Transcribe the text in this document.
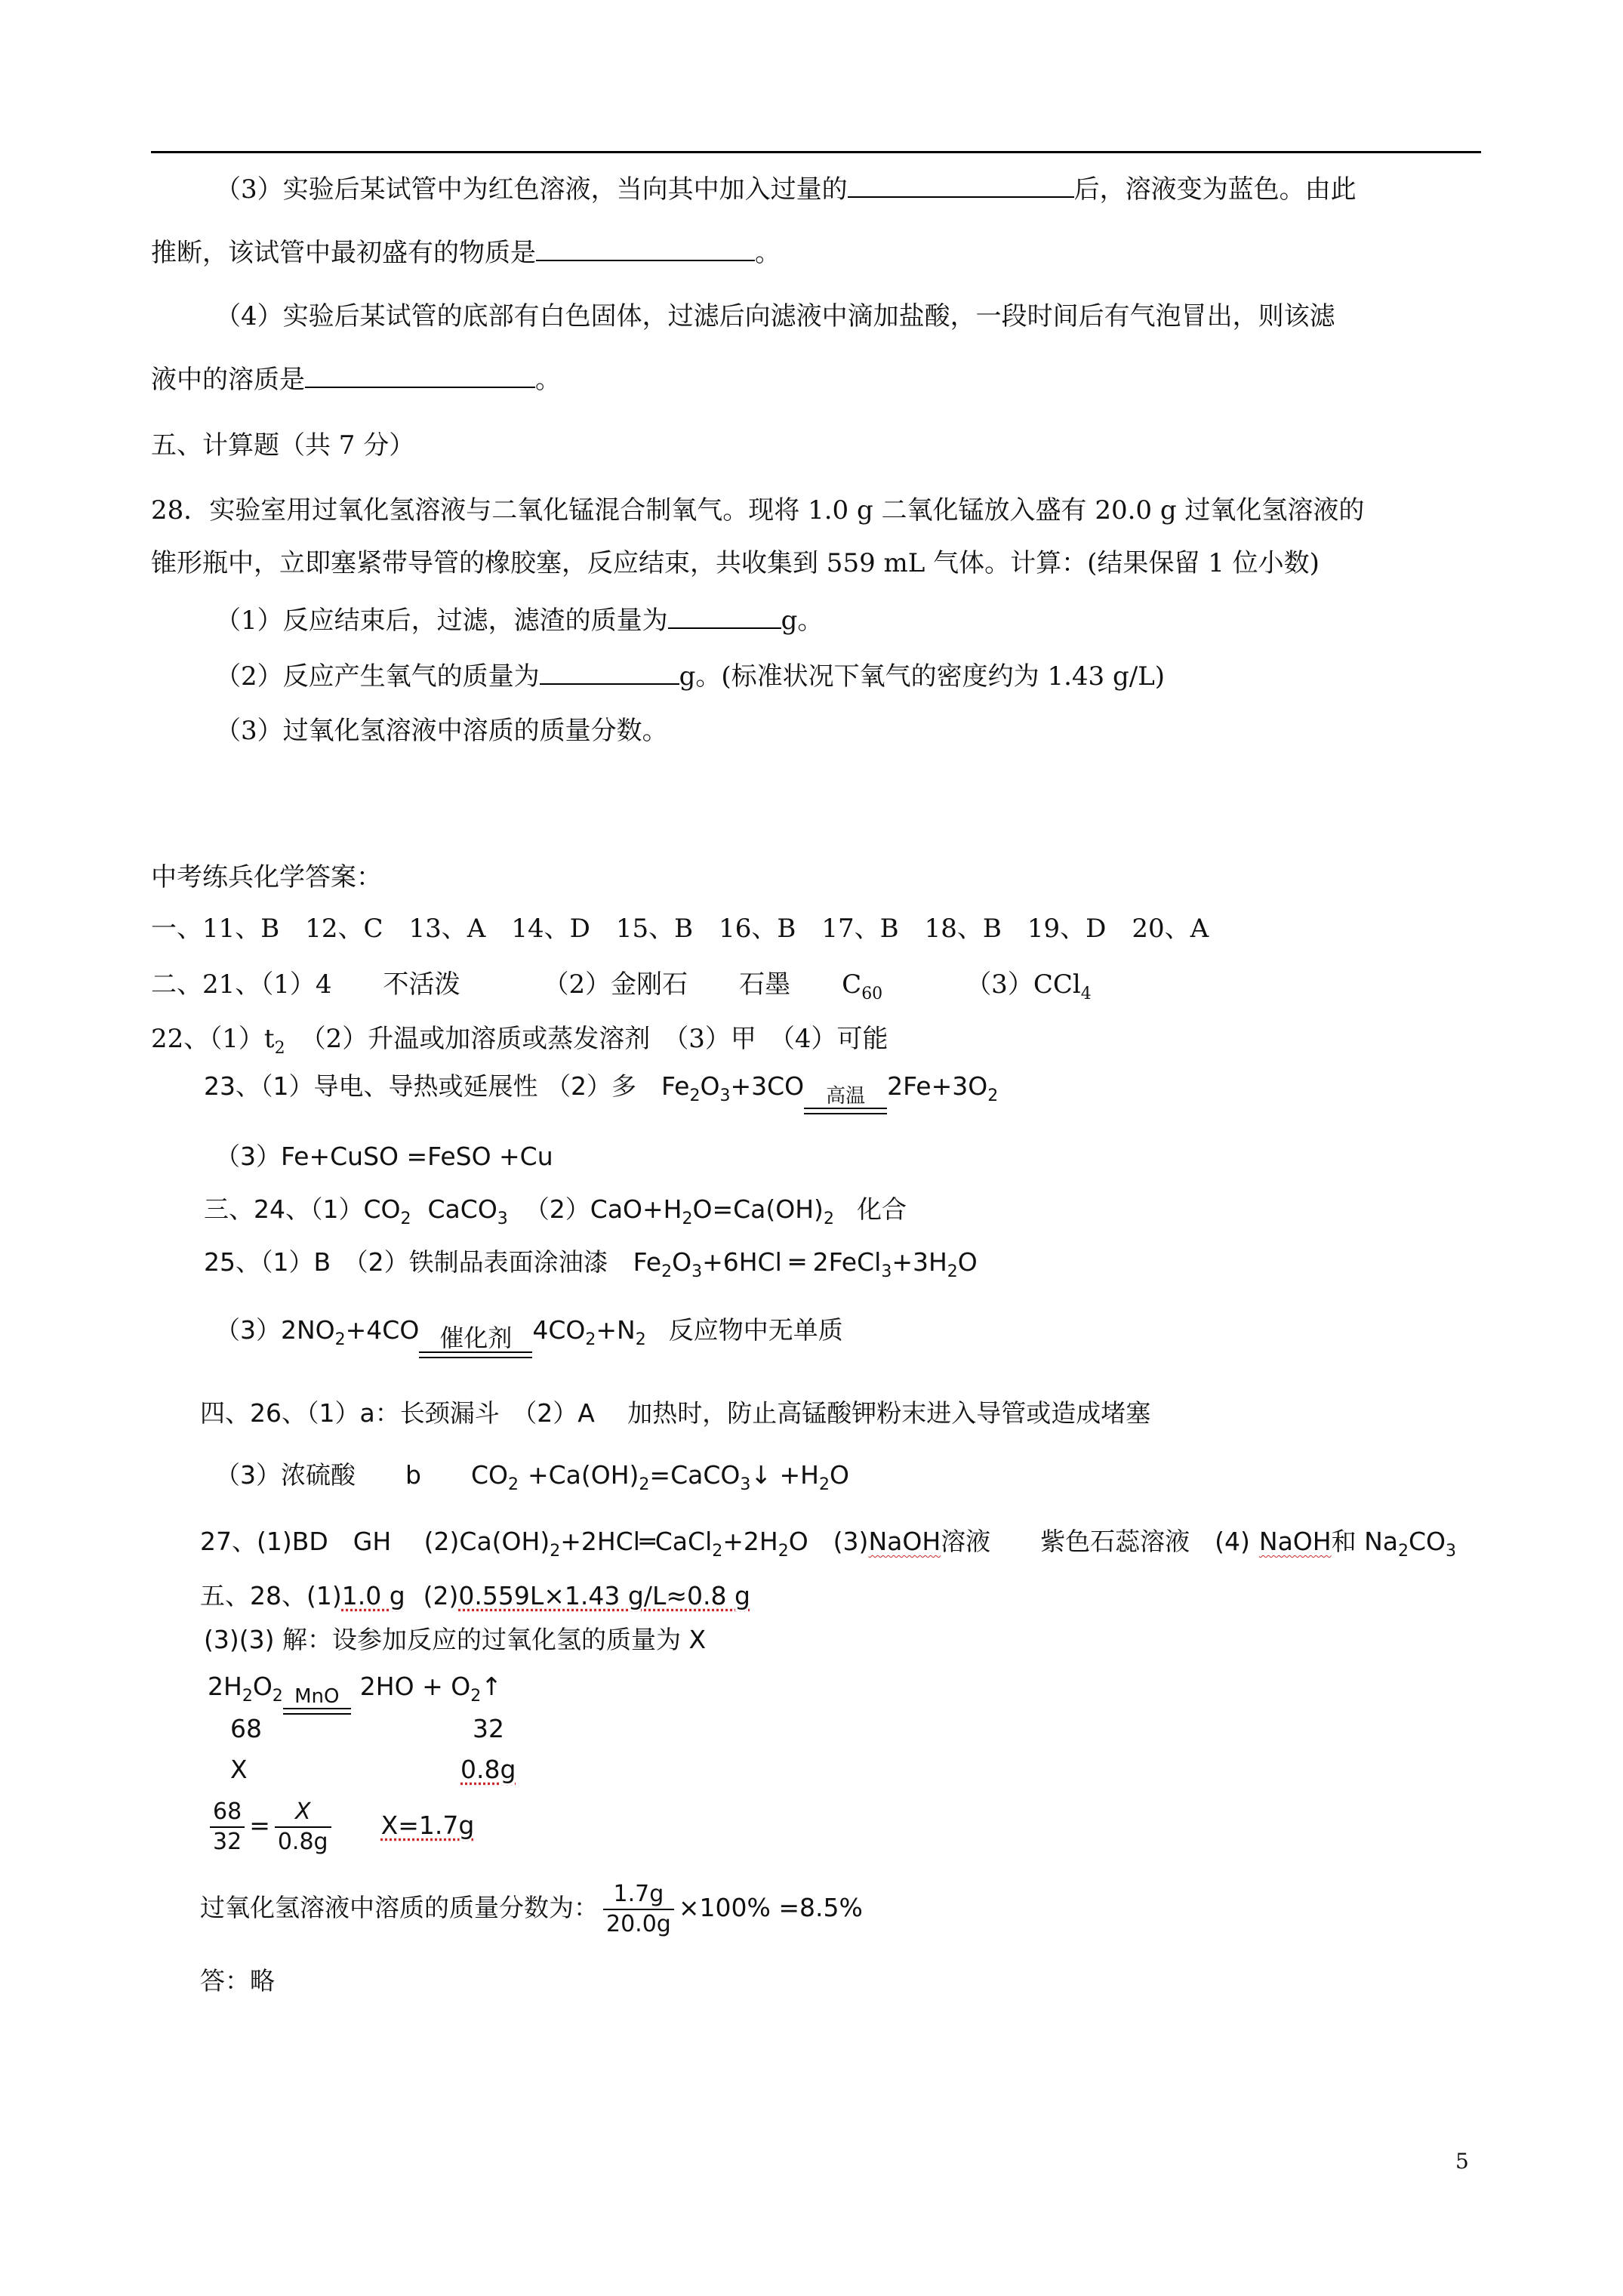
（3）实验后某试管中为红色溶液，当向其中加入过量的	后，溶液变为蓝色。由此
推断，该试管中最初盛有的物质是	。
（4）实验后某试管的底部有白色固体，过滤后向滤液中滴加盐酸，一段时间后有气泡冒出，则该滤
液中的溶质是	。
五、计算题（共 7 分）
28．实验室用过氧化氢溶液与二氧化锰混合制氧气。现将 1.0 g 二氧化锰放入盛有 20.0 g 过氧化氢溶液的
锥形瓶中，立即塞紧带导管的橡胶塞，反应结束，共收集到 559 mL 气体。计算：(结果保留 1 位小数)
（1）反应结束后，过滤，滤渣的质量为	g。
（2）反应产生氧气的质量为	g。(标准状况下氧气的密度约为 1.43 g/L)
（3）过氧化氢溶液中溶质的质量分数。
中考练兵化学答案：
一、11、B　12、C　13、A　14、D　15、B　16、B　17、B　18、B　19、D　20、A
二、21、（1）4　　不活泼	（2）金刚石　　石墨　　$C_{60}$	（3）CCl$_4$
22、$(1)t_2$ （2）升温或加溶质或蒸发溶剂　（3）甲　（4）可能
23、（1）导电、导热或延展性 （2）多　$Fe_2O_3+3CO$	高温 $2Fe+3O_2$
（3）Fe+CuSO =FeSO +Cu
三、24、$(1)CO_2$ CaCO$_3$ $(2)CaO+H_2O=Ca(OH)_2$ 化合
25、（1）B　（2）铁制品表面涂油漆　$Fe_2O_3+6HCl$ ═ $2FeCl_3+3H_2O$
$(3)2NO_2+4CO$ 催化剂 $4CO_2+N_2$ 反应物中无单质
四、26、（1）a：长颈漏斗　（2）A　 加热时，防止高锰酸钾粉末进入导管或造成堵塞
（3）浓硫酸　　b　　$CO_2$ $+Ca(OH)_2=CaCO_3↓ +H_2O$
27、(1)BD　GH　 $(2)Ca(OH)_2+2HCl═CaCl_2+2H_2O$　(3)NaOH溶液　　紫色石蕊溶液　(4) NaOH和 $Na_2CO_3$
五、28、(1)1.0 g (2)0.559L×1.43 g/L≈0.8 g
(3)(3) 解：设参加反应的过氧化氢的质量为 X
$2H_2O_2$ MnO $2HO + O_2↑$
68	32
X	0.8g
$\frac{68}{32} = \frac{X}{0.8g} X=1.7g$
过氧化氢溶液中溶质的质量分数为： $\frac{1.7g}{20.0g} \times 100\% =8.5\%$
答：略
5
